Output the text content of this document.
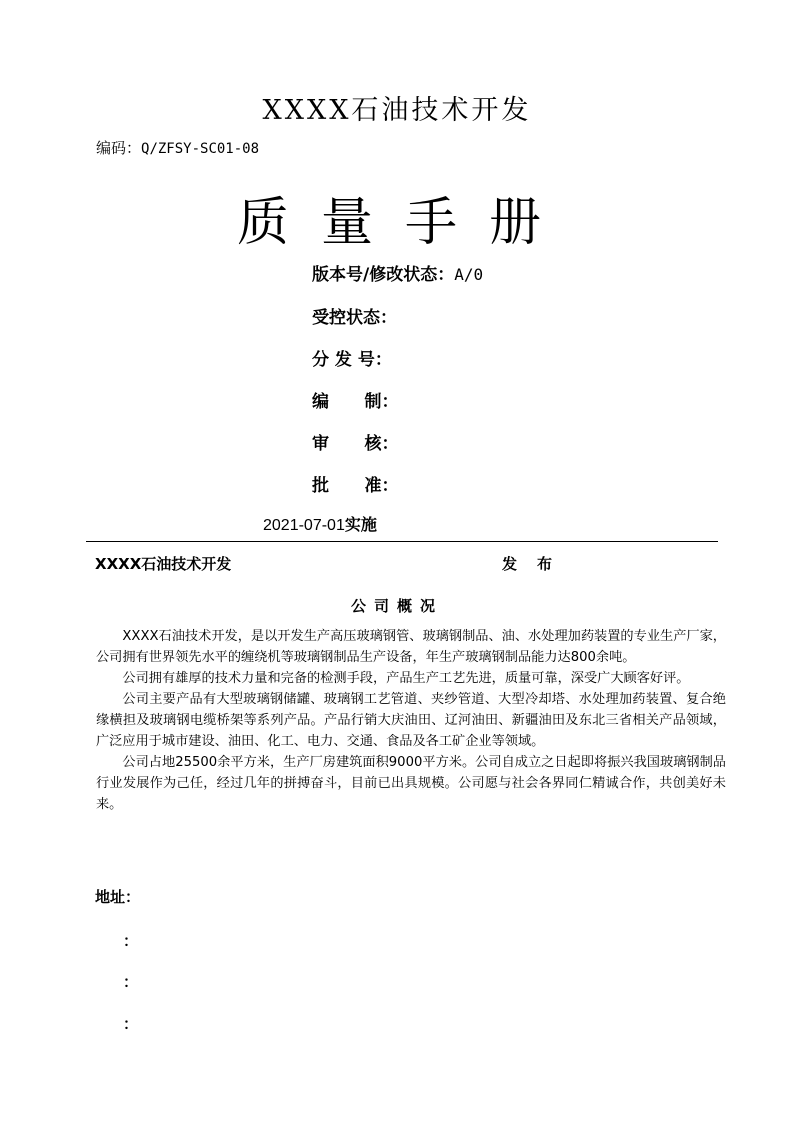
XXXX石油技术开发
编码：Q/ZFSY-SC01-08
质量手册
版本号/修改状态：A/0
受控状态：
分 发 号：
编      制：
审      核：
批      准：
2021-07-01实施
XXXX石油技术开发	发布
公司概况

XXXX石油技术开发，是以开发生产高压玻璃钢管、玻璃钢制品、油、水处理加药装置的专业生产厂家，公司拥有世界领先水平的缠绕机等玻璃钢制品生产设备，年生产玻璃钢制品能力达800余吨。

公司拥有雄厚的技术力量和完备的检测手段，产品生产工艺先进，质量可靠，深受广大顾客好评。

公司主要产品有大型玻璃钢储罐、玻璃钢工艺管道、夹纱管道、大型冷却塔、水处理加药装置、复合绝缘横担及玻璃钢电缆桥架等系列产品。产品行销大庆油田、辽河油田、新疆油田及东北三省相关产品领域，广泛应用于城市建设、油田、化工、电力、交通、食品及各工矿企业等领域。

公司占地25500余平方米，生产厂房建筑面积9000平方米。公司自成立之日起即将振兴我国玻璃钢制品行业发展作为己任，经过几年的拼搏奋斗，目前已出具规模。公司愿与社会各界同仁精诚合作，共创美好未来。

地址：
：
：
：
